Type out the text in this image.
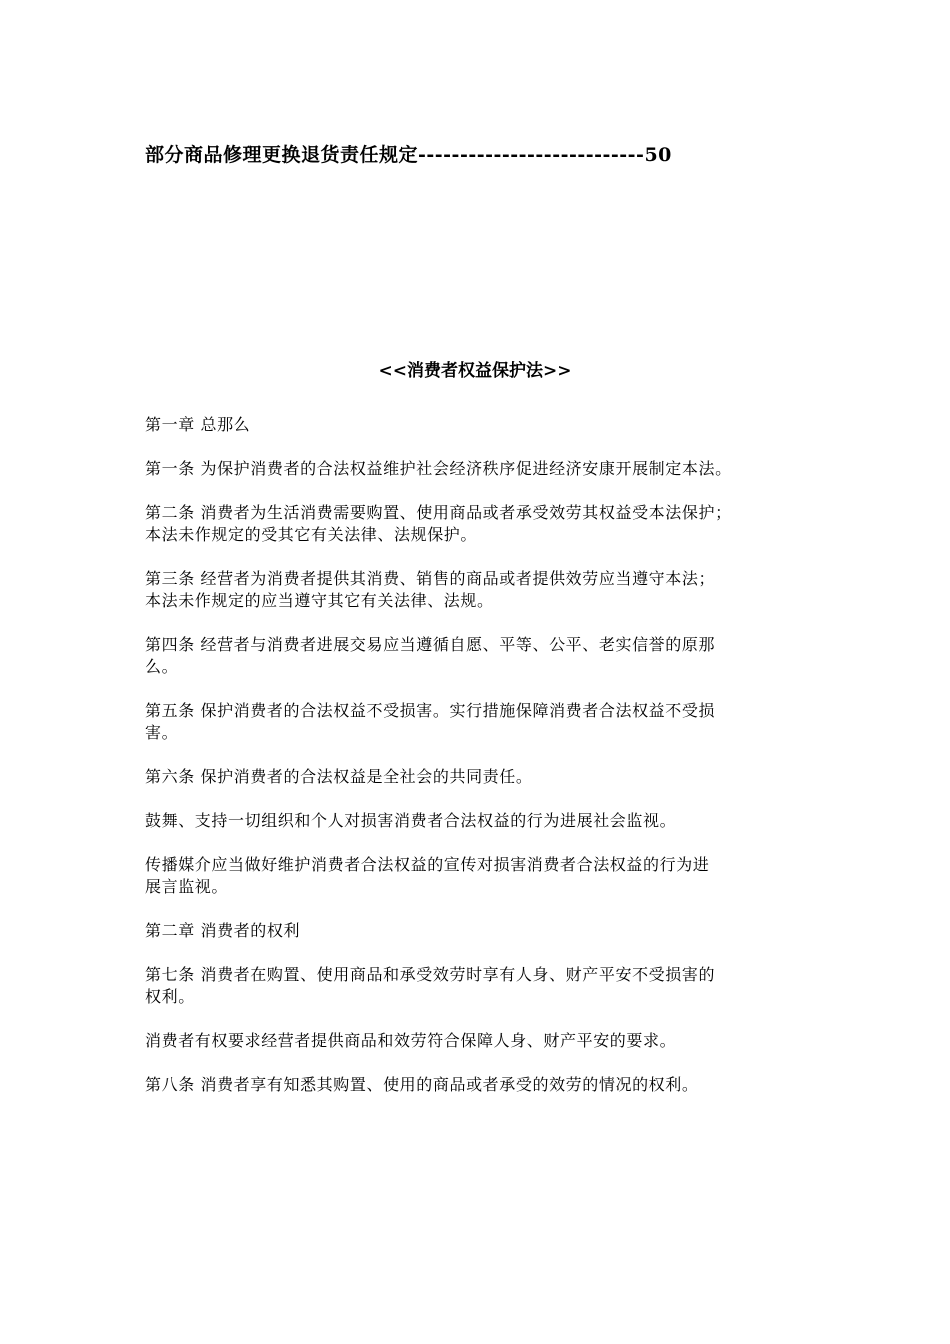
部分商品修理更换退货责任规定---------------------------50
<<消费者权益保护法>>

第一章 总那么

第一条 为保护消费者的合法权益维护社会经济秩序促进经济安康开展制定本法。

第二条 消费者为生活消费需要购置、使用商品或者承受效劳其权益受本法保护；
本法未作规定的受其它有关法律、法规保护。

第三条 经营者为消费者提供其消费、销售的商品或者提供效劳应当遵守本法；
本法未作规定的应当遵守其它有关法律、法规。

第四条 经营者与消费者进展交易应当遵循自愿、平等、公平、老实信誉的原那
么。

第五条 保护消费者的合法权益不受损害。实行措施保障消费者合法权益不受损
害。

第六条 保护消费者的合法权益是全社会的共同责任。

鼓舞、支持一切组织和个人对损害消费者合法权益的行为进展社会监视。

传播媒介应当做好维护消费者合法权益的宣传对损害消费者合法权益的行为进
展言监视。

第二章 消费者的权利

第七条 消费者在购置、使用商品和承受效劳时享有人身、财产平安不受损害的
权利。

消费者有权要求经营者提供商品和效劳符合保障人身、财产平安的要求。

第八条 消费者享有知悉其购置、使用的商品或者承受的效劳的情况的权利。
